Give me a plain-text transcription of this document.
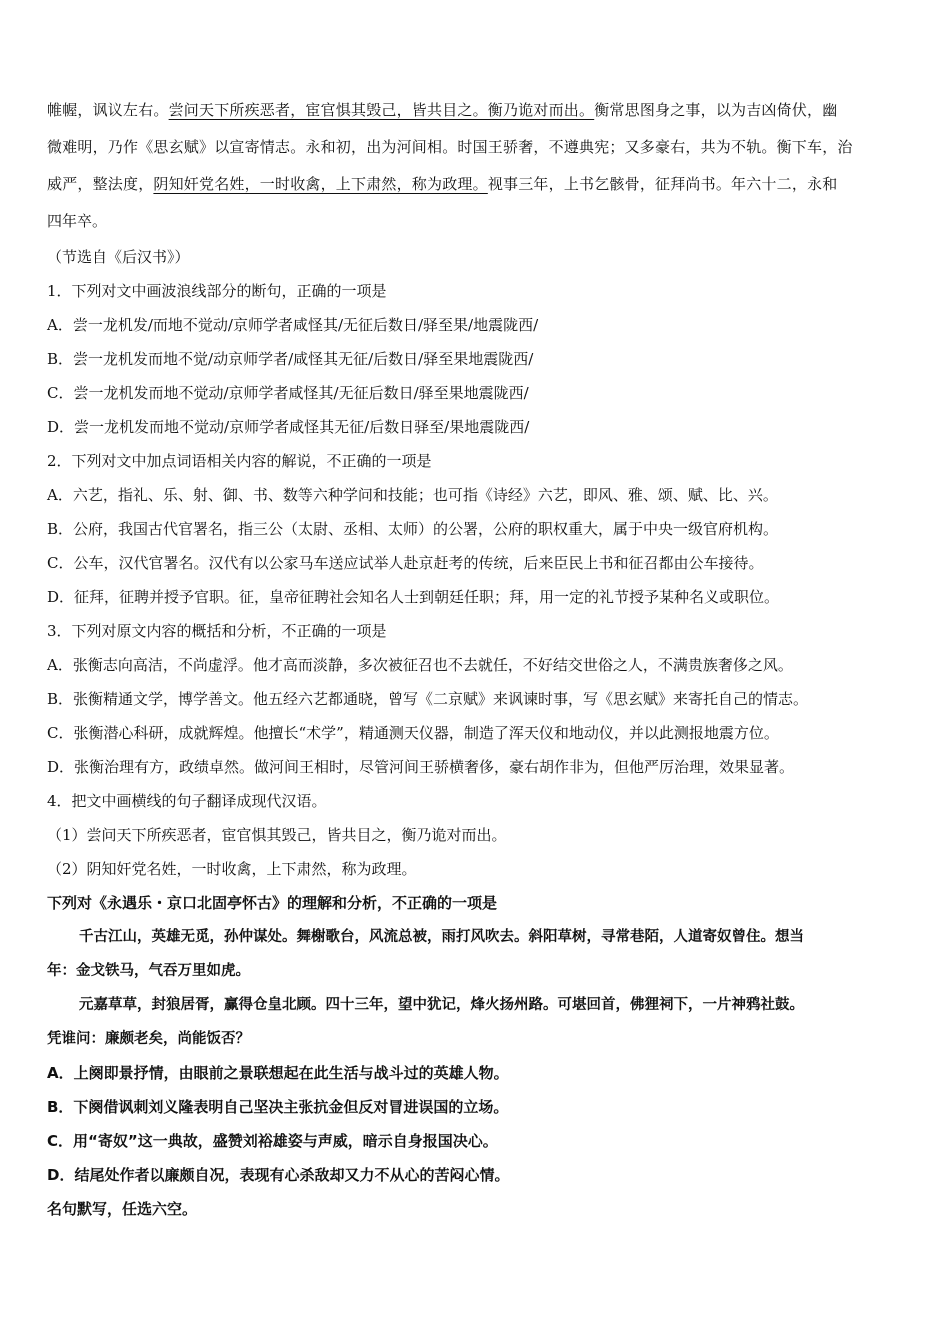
帷幄，讽议左右。尝问天下所疾恶者，宦官惧其毁己，皆共目之。衡乃诡对而出。衡常思图身之事，以为吉凶倚伏，幽

微难明，乃作《思玄赋》以宣寄情志。永和初，出为河间相。时国王骄奢，不遵典宪；又多豪右，共为不轨。衡下车，治

威严，整法度，阴知奸党名姓，一时收禽，上下肃然，称为政理。视事三年，上书乞骸骨，征拜尚书。年六十二，永和

四年卒。

（节选自《后汉书》）
1．下列对文中画波浪线部分的断句，正确的一项是
A．尝一龙机发/而地不觉动/京师学者咸怪其/无征后数日/驿至果/地震陇西/
B．尝一龙机发而地不觉/动京师学者/咸怪其无征/后数日/驿至果地震陇西/
C．尝一龙机发而地不觉动/京师学者咸怪其/无征后数日/驿至果地震陇西/
D．尝一龙机发而地不觉动/京师学者咸怪其无征/后数日驿至/果地震陇西/
2．下列对文中加点词语相关内容的解说，不正确的一项是
A．六艺，指礼、乐、射、御、书、数等六种学问和技能；也可指《诗经》六艺，即风、雅、颂、赋、比、兴。
B．公府，我国古代官署名，指三公（太尉、丞相、太师）的公署，公府的职权重大，属于中央一级官府机构。
C．公车，汉代官署名。汉代有以公家马车送应试举人赴京赶考的传统，后来臣民上书和征召都由公车接待。
D．征拜，征聘并授予官职。征，皇帝征聘社会知名人士到朝廷任职；拜，用一定的礼节授予某种名义或职位。
3．下列对原文内容的概括和分析，不正确的一项是
A．张衡志向高洁，不尚虚浮。他才高而淡静，多次被征召也不去就任，不好结交世俗之人，不满贵族奢侈之风。
B．张衡精通文学，博学善文。他五经六艺都通晓，曾写《二京赋》来讽谏时事，写《思玄赋》来寄托自己的情志。
C．张衡潜心科研，成就辉煌。他擅长“术学”，精通测天仪器，制造了浑天仪和地动仪，并以此测报地震方位。
D．张衡治理有方，政绩卓然。做河间王相时，尽管河间王骄横奢侈，豪右胡作非为，但他严厉治理，效果显著。
4．把文中画横线的句子翻译成现代汉语。
（1）尝问天下所疾恶者，宦官惧其毁己，皆共目之，衡乃诡对而出。
（2）阴知奸党名姓，一时收禽，上下肃然，称为政理。
下列对《永遇乐・京口北固亭怀古》的理解和分析，不正确的一项是
千古江山，英雄无觅，孙仲谋处。舞榭歌台，风流总被，雨打风吹去。斜阳草树，寻常巷陌，人道寄奴曾住。想当
年：金戈铁马，气吞万里如虎。
元嘉草草，封狼居胥，赢得仓皇北顾。四十三年，望中犹记，烽火扬州路。可堪回首，佛狸祠下，一片神鸦社鼓。
凭谁问：廉颇老矣，尚能饭否？
A．上阕即景抒情，由眼前之景联想起在此生活与战斗过的英雄人物。
B．下阕借讽刺刘义隆表明自己坚决主张抗金但反对冒进误国的立场。
C．用“寄奴”这一典故，盛赞刘裕雄姿与声威，暗示自身报国决心。
D．结尾处作者以廉颇自况，表现有心杀敌却又力不从心的苦闷心情。
名句默写，任选六空。
